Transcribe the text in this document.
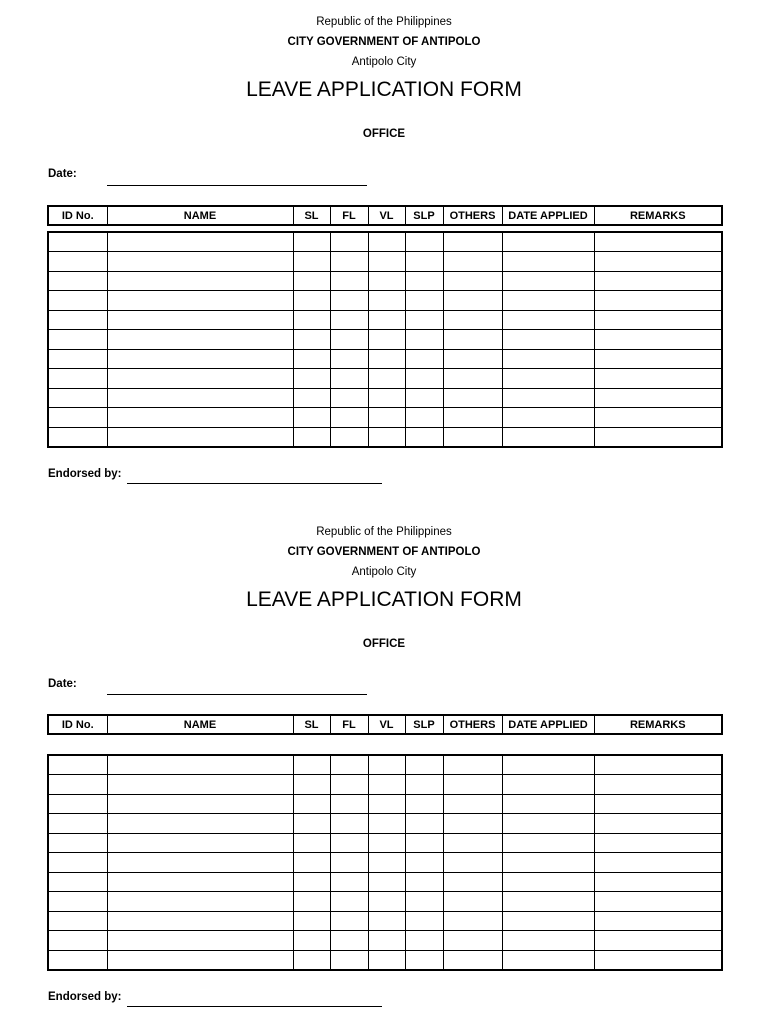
Republic of the Philippines
CITY GOVERNMENT OF ANTIPOLO
Antipolo City
LEAVE APPLICATION FORM
OFFICE
Date:
ID No.	NAME	SL	FL	VL	SLP	OTHERS	DATE APPLIED	REMARKS

Endorsed by:
Republic of the Philippines
CITY GOVERNMENT OF ANTIPOLO
Antipolo City
LEAVE APPLICATION FORM
OFFICE
Date:
ID No.	NAME	SL	FL	VL	SLP	OTHERS	DATE APPLIED	REMARKS

Endorsed by:
